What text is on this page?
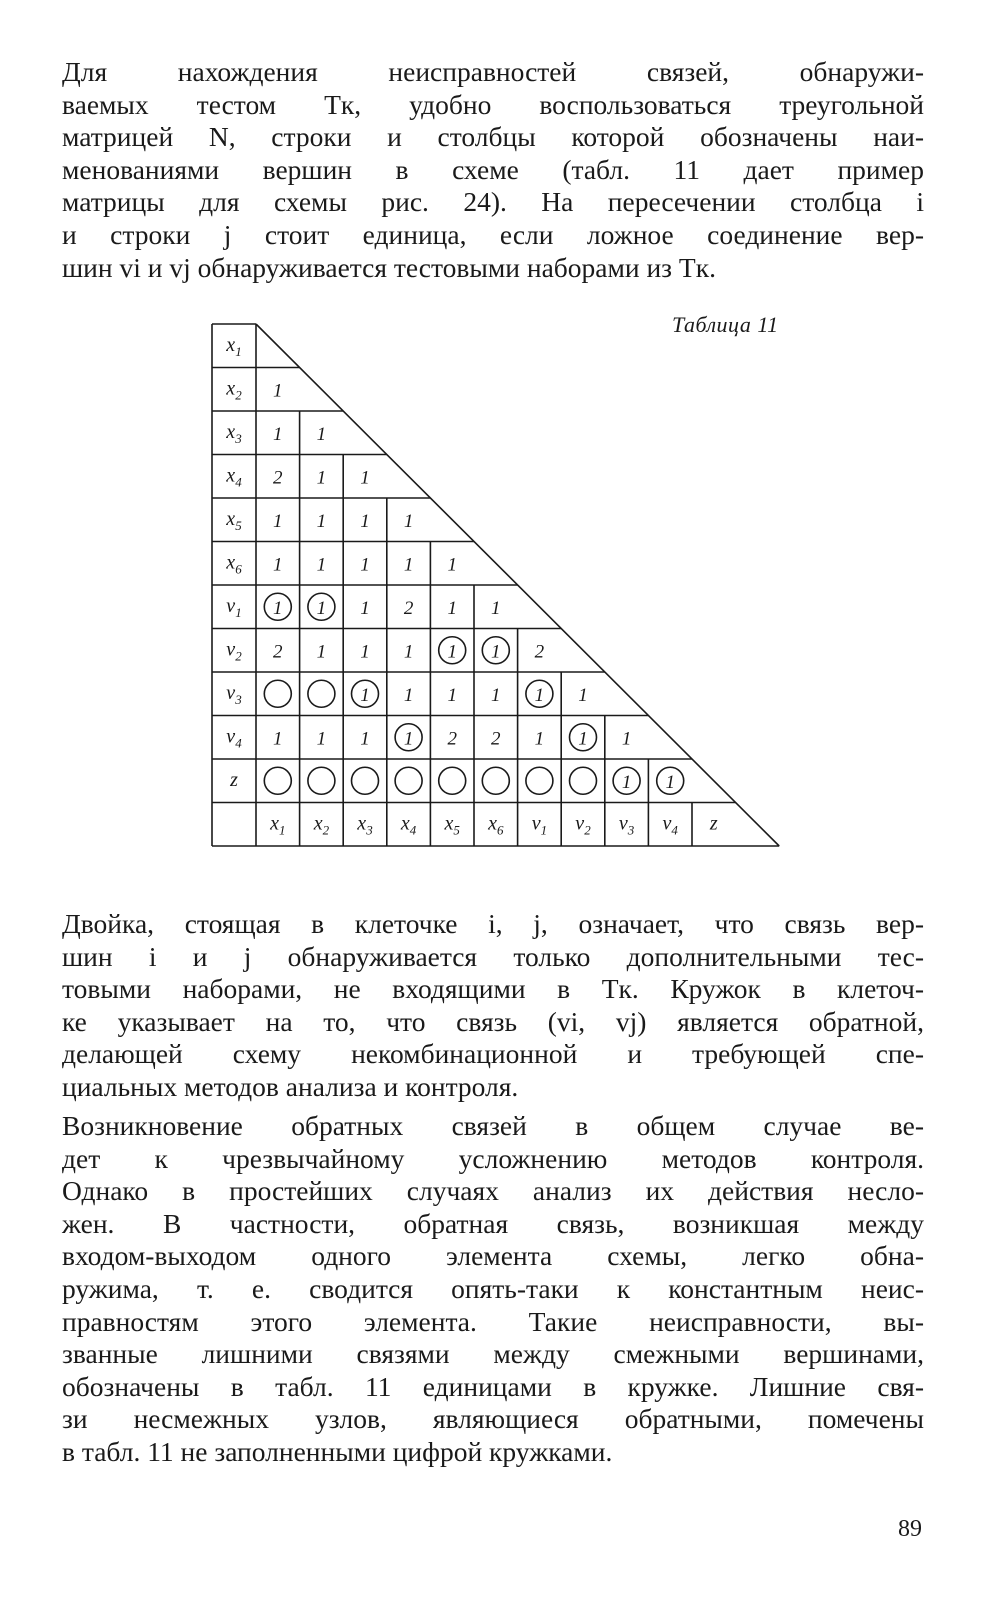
Для нахождения неисправностей связей, обнаружи-
ваемых тестом Tк, удобно воспользоваться треугольной
матрицей N, строки и столбцы которой обозначены наи-
менованиями вершин в схеме (табл. 11 дает пример
матрицы для схемы рис. 24). На пересечении столбца i
и строки j стоит единица, если ложное соединение вер-
шин vi и vj обнаруживается тестовыми наборами из Tк.
Таблица 11
$x_1$
$x_2$
$x_3$
$x_4$
$x_5$
$x_6$
$v_1$
$v_2$
$v_3$
$v_4$
z
$x_1$ $x_2$ $x_3$ $x_4$ $x_5$ $x_6$ $v_1$ $v_2$ $v_3$ $v_4$ z
1
1 1
2 1 1
1 1 1 1
1 1 1 1 1
1 1 1 2 1 1
2 1 1 1 1 1 2
1 1 1 1 1 1
1 1 1 1 2 2 1 1 1
1 1
Двойка, стоящая в клеточке i, j, означает, что связь вер-
шин i и j обнаруживается только дополнительными тес-
товыми наборами, не входящими в Tк. Кружок в клеточ-
ке указывает на то, что связь (vi, vj) является обратной,
делающей схему некомбинационной и требующей спе-
циальных методов анализа и контроля.
Возникновение обратных связей в общем случае ве-
дет к чрезвычайному усложнению методов контроля.
Однако в простейших случаях анализ их действия неслo-
жен. В частности, обратная связь, возникшая между
входом-выходом одного элемента схемы, легко обна-
ружима, т. е. сводится опять-таки к константным неис-
правностям этого элемента. Такие неисправности, вы-
званные лишними связями между смежными вершинами,
обозначены в табл. 11 единицами в кружке. Лишние свя-
зи несмежных узлов, являющиеся обратными, помечены
в табл. 11 не заполненными цифрой кружками.
89
